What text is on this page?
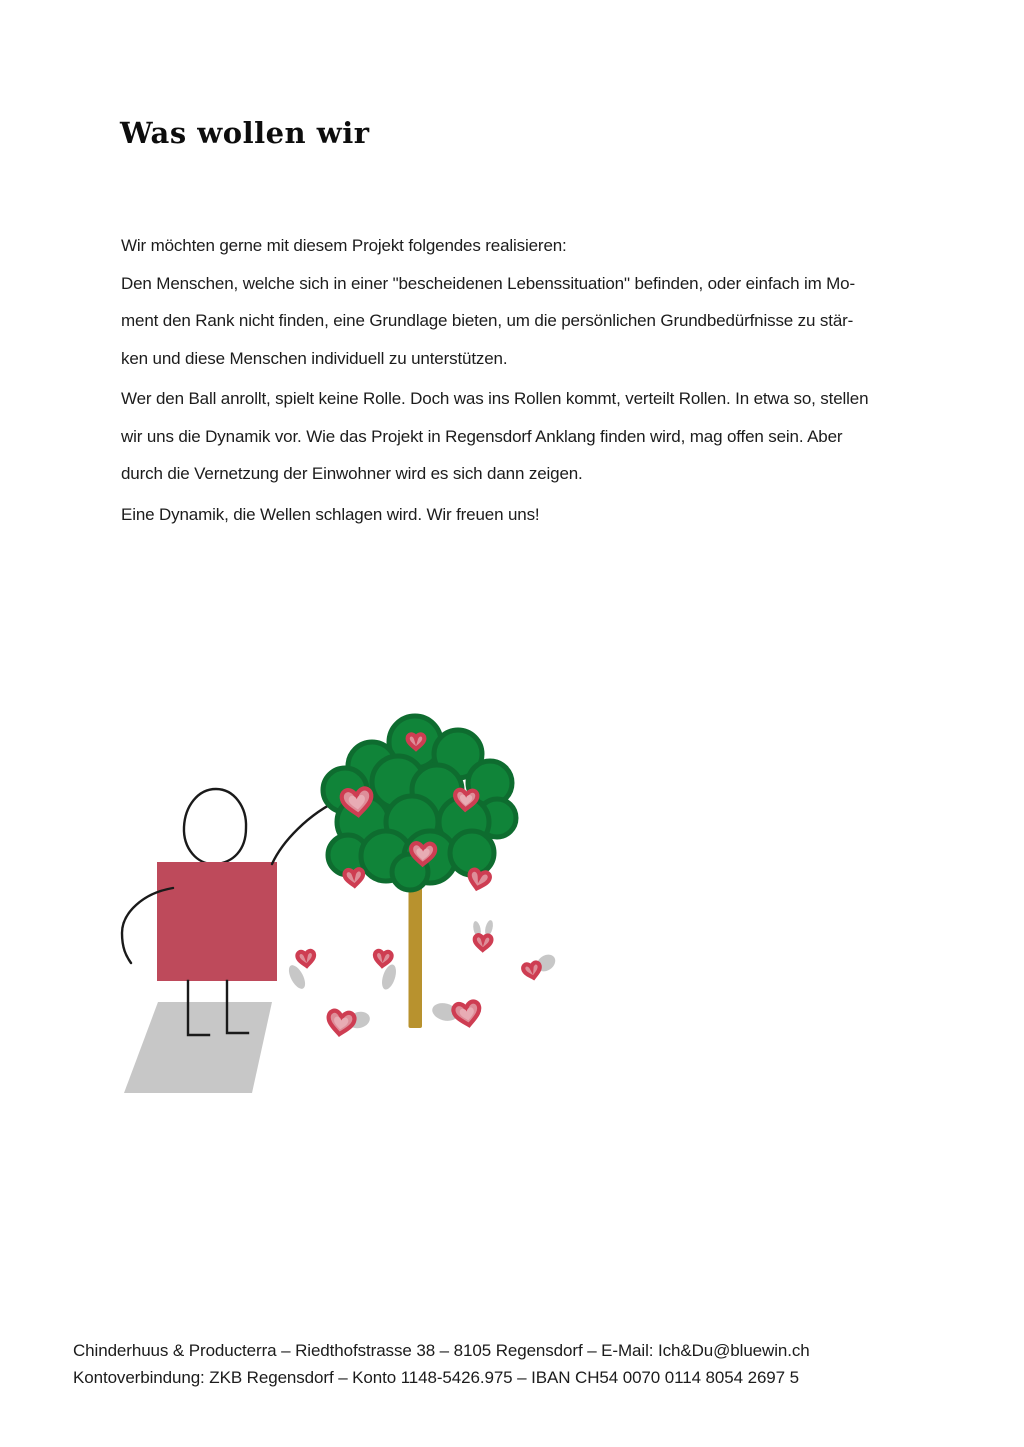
Was wollen wir
Wir möchten gerne mit diesem Projekt folgendes realisieren:
Den Menschen, welche sich in einer "bescheidenen Lebenssituation" befinden, oder einfach im Mo-
ment den Rank nicht finden, eine Grundlage bieten, um die persönlichen Grundbedürfnisse zu stär-
ken und diese Menschen individuell zu unterstützen.
Wer den Ball anrollt, spielt keine Rolle. Doch was ins Rollen kommt, verteilt Rollen. In etwa so, stellen
wir uns die Dynamik vor. Wie das Projekt in Regensdorf Anklang finden wird, mag offen sein. Aber
durch die Vernetzung der Einwohner wird es sich dann zeigen.
Eine Dynamik, die Wellen schlagen wird. Wir freuen uns!
Chinderhuus & Producterra – Riedthofstrasse 38 – 8105 Regensdorf – E-Mail: Ich&Du@bluewin.ch
Kontoverbindung: ZKB Regensdorf – Konto 1148-5426.975 – IBAN CH54 0070 0114 8054 2697 5
